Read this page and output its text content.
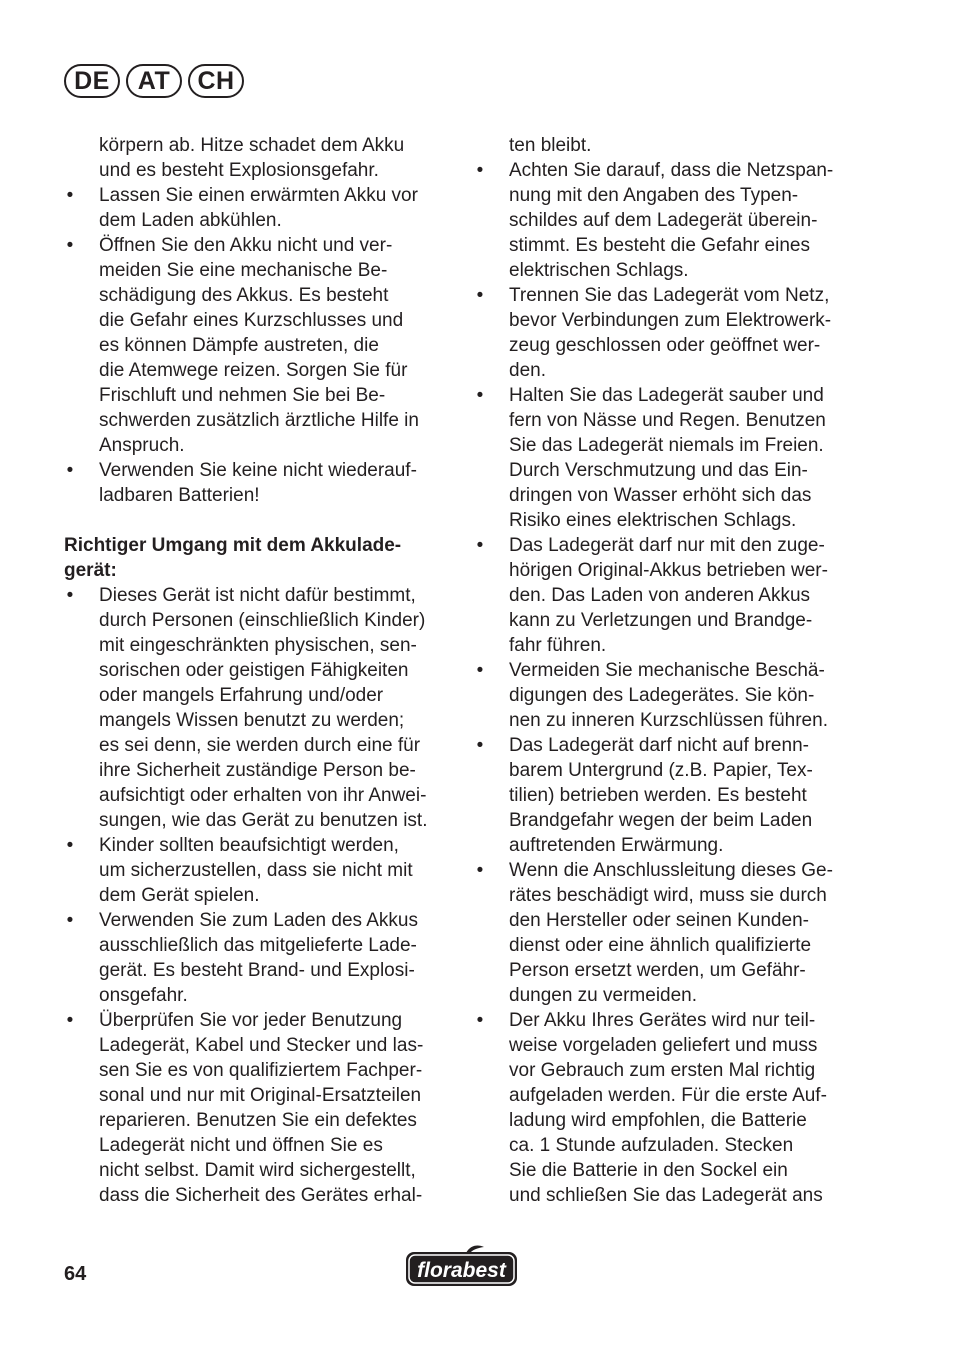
DE	AT	CH
körpern ab. Hitze schadet dem Akku
und es besteht Explosionsgefahr.
• Lassen Sie einen erwärmten Akku vor
dem Laden abkühlen.
• Öffnen Sie den Akku nicht und ver-
meiden Sie eine mechanische Be-
schädigung des Akkus. Es besteht
die Gefahr eines Kurzschlusses und
es können Dämpfe austreten, die
die Atemwege reizen. Sorgen Sie für
Frischluft und nehmen Sie bei Be-
schwerden zusätzlich ärztliche Hilfe in
Anspruch.
• Verwenden Sie keine nicht wiederauf-
ladbaren Batterien!
Richtiger Umgang mit dem Akkulade-
gerät:
• Dieses Gerät ist nicht dafür bestimmt,
durch Personen (einschließlich Kinder)
mit eingeschränkten physischen, sen-
sorischen oder geistigen Fähigkeiten
oder mangels Erfahrung und/oder
mangels Wissen benutzt zu werden;
es sei denn, sie werden durch eine für
ihre Sicherheit zuständige Person be-
aufsichtigt oder erhalten von ihr Anwei-
sungen, wie das Gerät zu benutzen ist.
• Kinder sollten beaufsichtigt werden,
um sicherzustellen, dass sie nicht mit
dem Gerät spielen.
• Verwenden Sie zum Laden des Akkus
ausschließlich das mitgelieferte Lade-
gerät. Es besteht Brand- und Explosi-
onsgefahr.
• Überprüfen Sie vor jeder Benutzung
Ladegerät, Kabel und Stecker und las-
sen Sie es von qualifiziertem Fachper-
sonal und nur mit Original-Ersatzteilen
reparieren. Benutzen Sie ein defektes
Ladegerät nicht und öffnen Sie es
nicht selbst. Damit wird sichergestellt,
dass die Sicherheit des Gerätes erhal-
ten bleibt.
• Achten Sie darauf, dass die Netzspan-
nung mit den Angaben des Typen-
schildes auf dem Ladegerät überein-
stimmt. Es besteht die Gefahr eines
elektrischen Schlags.
• Trennen Sie das Ladegerät vom Netz,
bevor Verbindungen zum Elektrowerk-
zeug geschlossen oder geöffnet wer-
den.
• Halten Sie das Ladegerät sauber und
fern von Nässe und Regen. Benutzen
Sie das Ladegerät niemals im Freien.
Durch Verschmutzung und das Ein-
dringen von Wasser erhöht sich das
Risiko eines elektrischen Schlags.
• Das Ladegerät darf nur mit den zuge-
hörigen Original-Akkus betrieben wer-
den. Das Laden von anderen Akkus
kann zu Verletzungen und Brandge-
fahr führen.
• Vermeiden Sie mechanische Beschä-
digungen des Ladegerätes. Sie kön-
nen zu inneren Kurzschlüssen führen.
• Das Ladegerät darf nicht auf brenn-
barem Untergrund (z.B. Papier, Tex-
tilien) betrieben werden. Es besteht
Brandgefahr wegen der beim Laden
auftretenden Erwärmung.
• Wenn die Anschlussleitung dieses Ge-
rätes beschädigt wird, muss sie durch
den Hersteller oder seinen Kunden-
dienst oder eine ähnlich qualifizierte
Person ersetzt werden, um Gefähr-
dungen zu vermeiden.
• Der Akku Ihres Gerätes wird nur teil-
weise vorgeladen geliefert und muss
vor Gebrauch zum ersten Mal richtig
aufgeladen werden. Für die erste Auf-
ladung wird empfohlen, die Batterie
ca. 1 Stunde aufzuladen. Stecken
Sie die Batterie in den Sockel ein
und schließen Sie das Ladegerät ans
64	florabest
